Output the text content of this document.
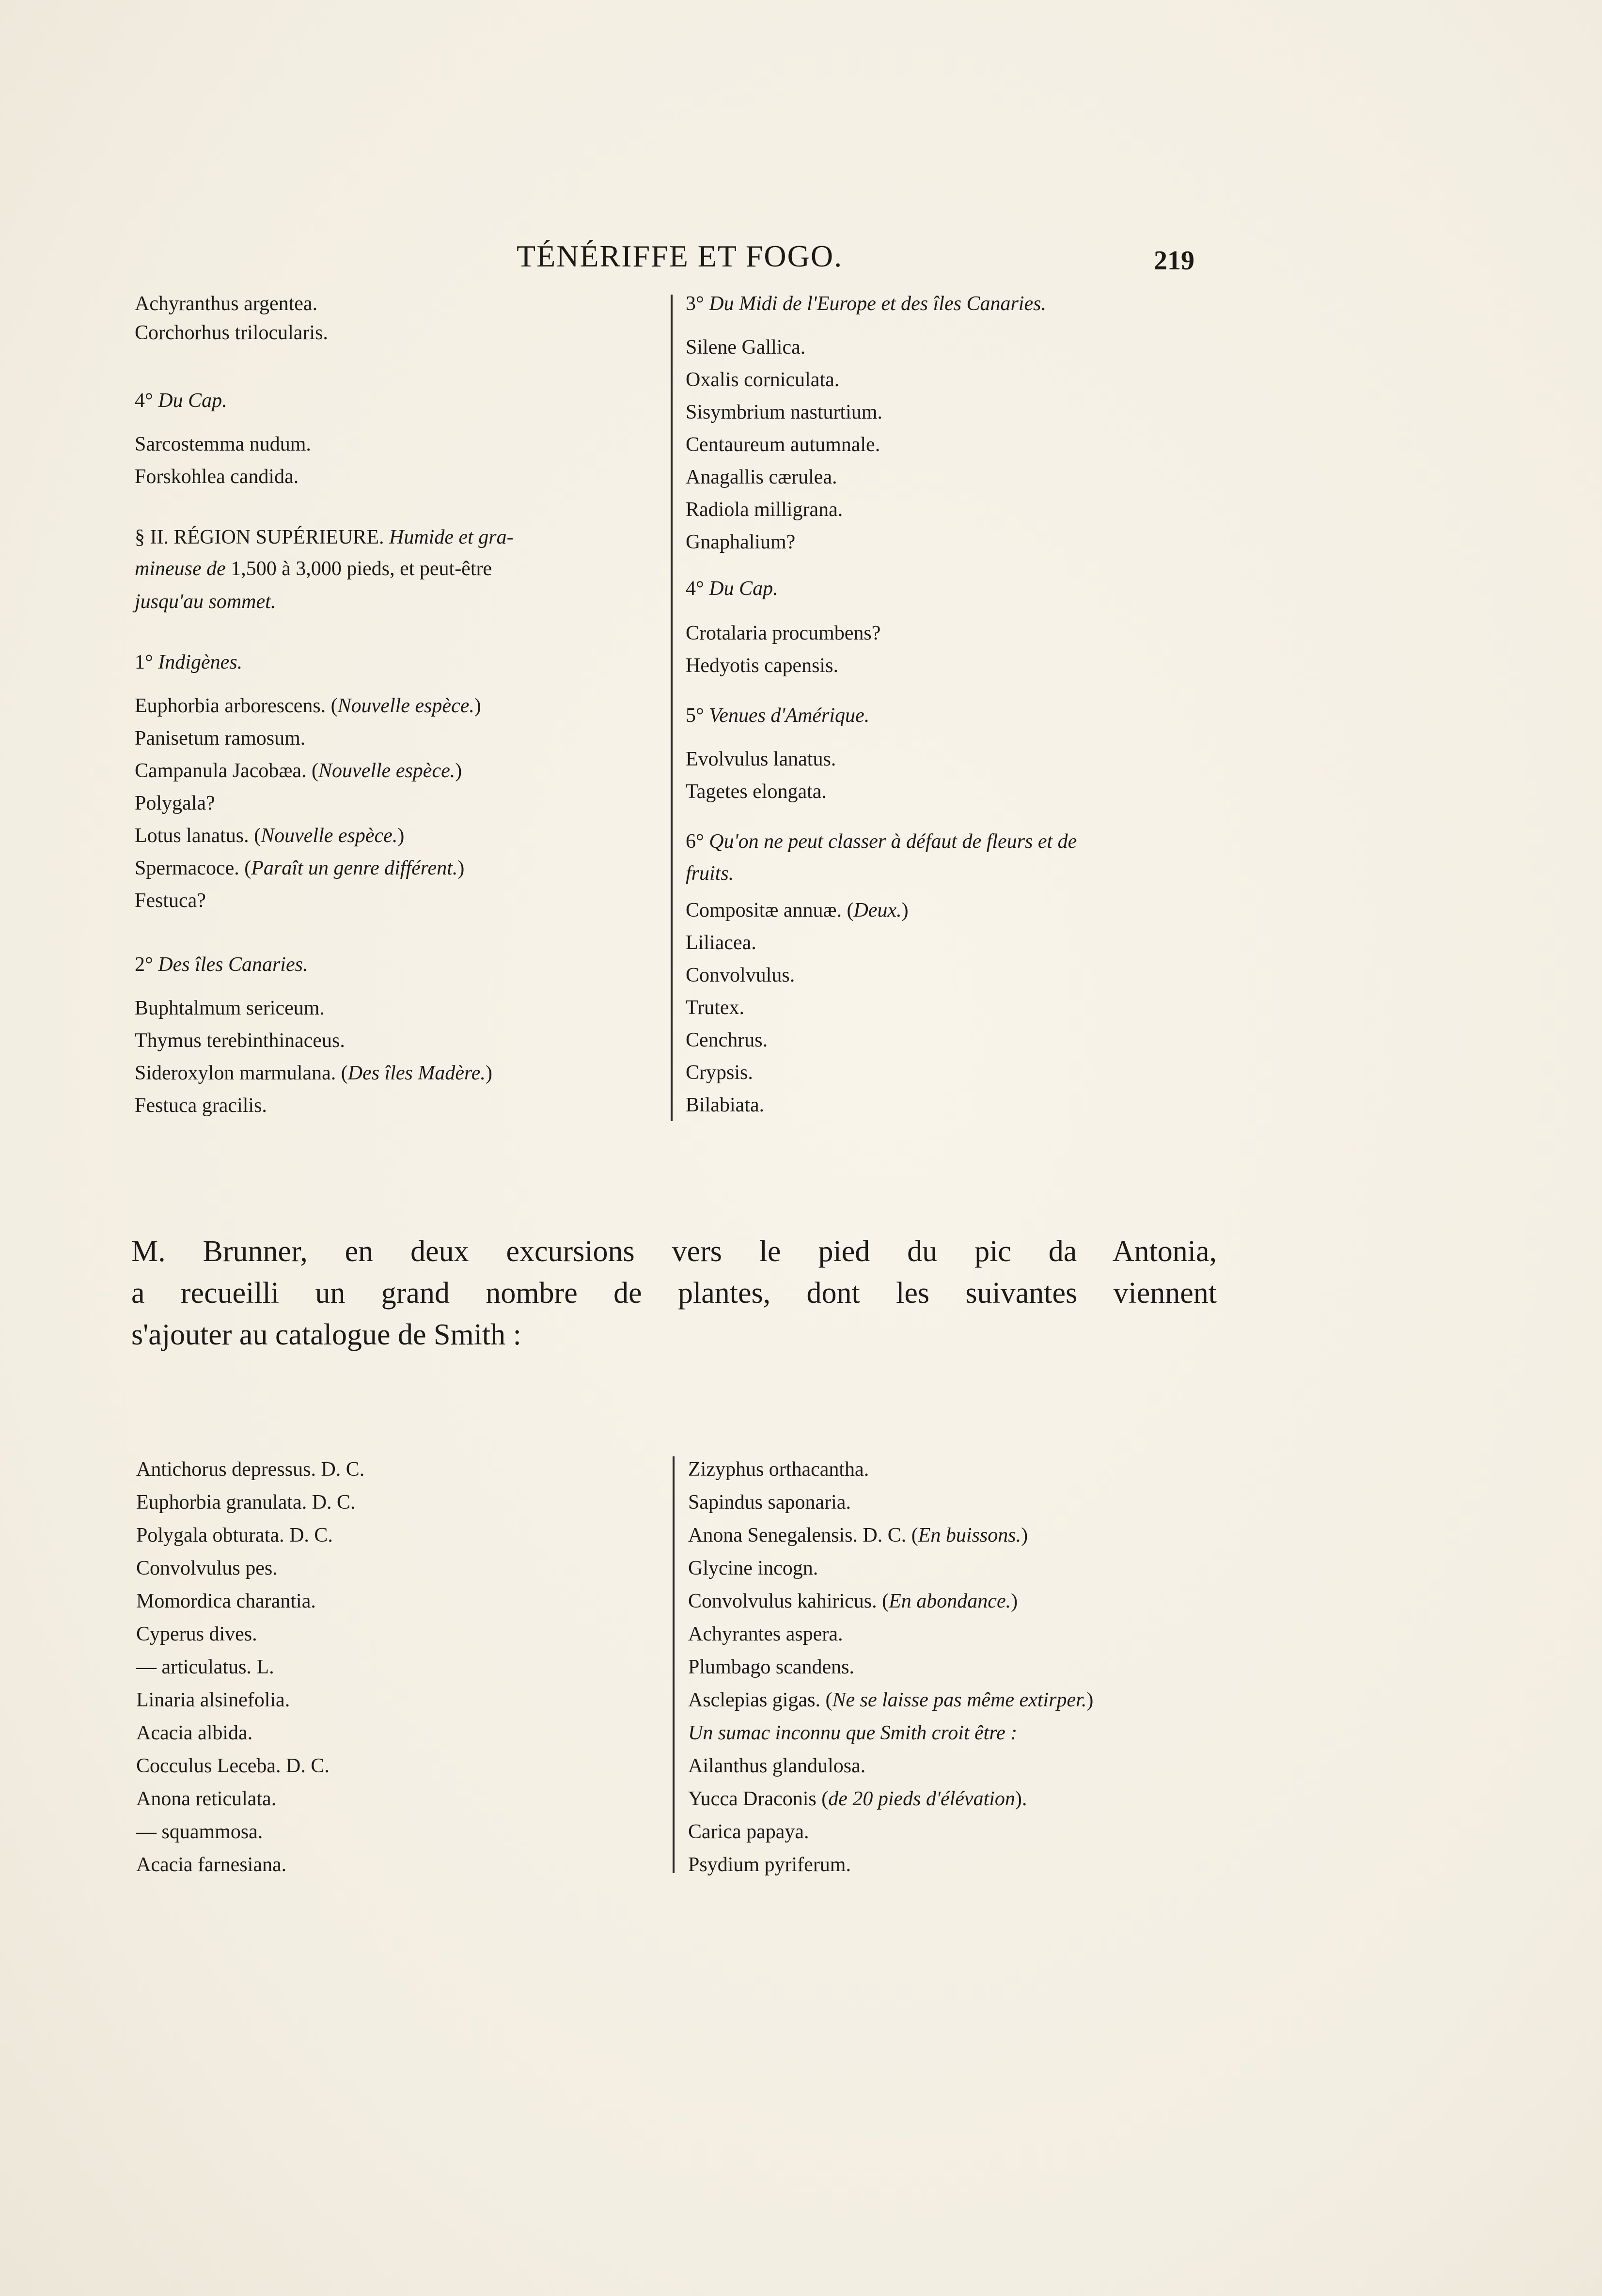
TÉNÉRIFFE ET FOGO.	219
Achyranthus argentea.
Corchorhus trilocularis.
4° Du Cap.
Sarcostemma nudum.
Forskohlea candida.
§ II. RÉGION SUPÉRIEURE. Humide et gra-
mineuse de 1,500 à 3,000 pieds, et peut-être
jusqu'au sommet.
1° Indigènes.
Euphorbia arborescens. (Nouvelle espèce.)
Panisetum ramosum.
Campanula Jacobæa. (Nouvelle espèce.)
Polygala?
Lotus lanatus. (Nouvelle espèce.)
Spermacoce. (Paraît un genre différent.)
Festuca?
2° Des îles Canaries.
Buphtalmum sericeum.
Thymus terebinthinaceus.
Sideroxylon marmulana. (Des îles Madère.)
Festuca gracilis.
3° Du Midi de l'Europe et des îles Canaries.
Silene Gallica.
Oxalis corniculata.
Sisymbrium nasturtium.
Centaureum autumnale.
Anagallis cærulea.
Radiola milligrana.
Gnaphalium?
4° Du Cap.
Crotalaria procumbens?
Hedyotis capensis.
5° Venues d'Amérique.
Evolvulus lanatus.
Tagetes elongata.
6° Qu'on ne peut classer à défaut de fleurs et de
fruits.
Compositæ annuæ. (Deux.)
Liliacea.
Convolvulus.
Trutex.
Cenchrus.
Crypsis.
Bilabiata.
M. Brunner, en deux excursions vers le pied du pic da Antonia,
a recueilli un grand nombre de plantes, dont les suivantes viennent
s'ajouter au catalogue de Smith :
Antichorus depressus. D. C.
Euphorbia granulata. D. C.
Polygala obturata. D. C.
Convolvulus pes.
Momordica charantia.
Cyperus dives.
— articulatus. L.
Linaria alsinefolia.
Acacia albida.
Cocculus Leceba. D. C.
Anona reticulata.
— squammosa.
Acacia farnesiana.
Zizyphus orthacantha.
Sapindus saponaria.
Anona Senegalensis. D. C. (En buissons.)
Glycine incogn.
Convolvulus kahiricus. (En abondance.)
Achyrantes aspera.
Plumbago scandens.
Asclepias gigas. (Ne se laisse pas même extirper.)
Un sumac inconnu que Smith croit être :
Ailanthus glandulosa.
Yucca Draconis (de 20 pieds d'élévation).
Carica papaya.
Psydium pyriferum.
